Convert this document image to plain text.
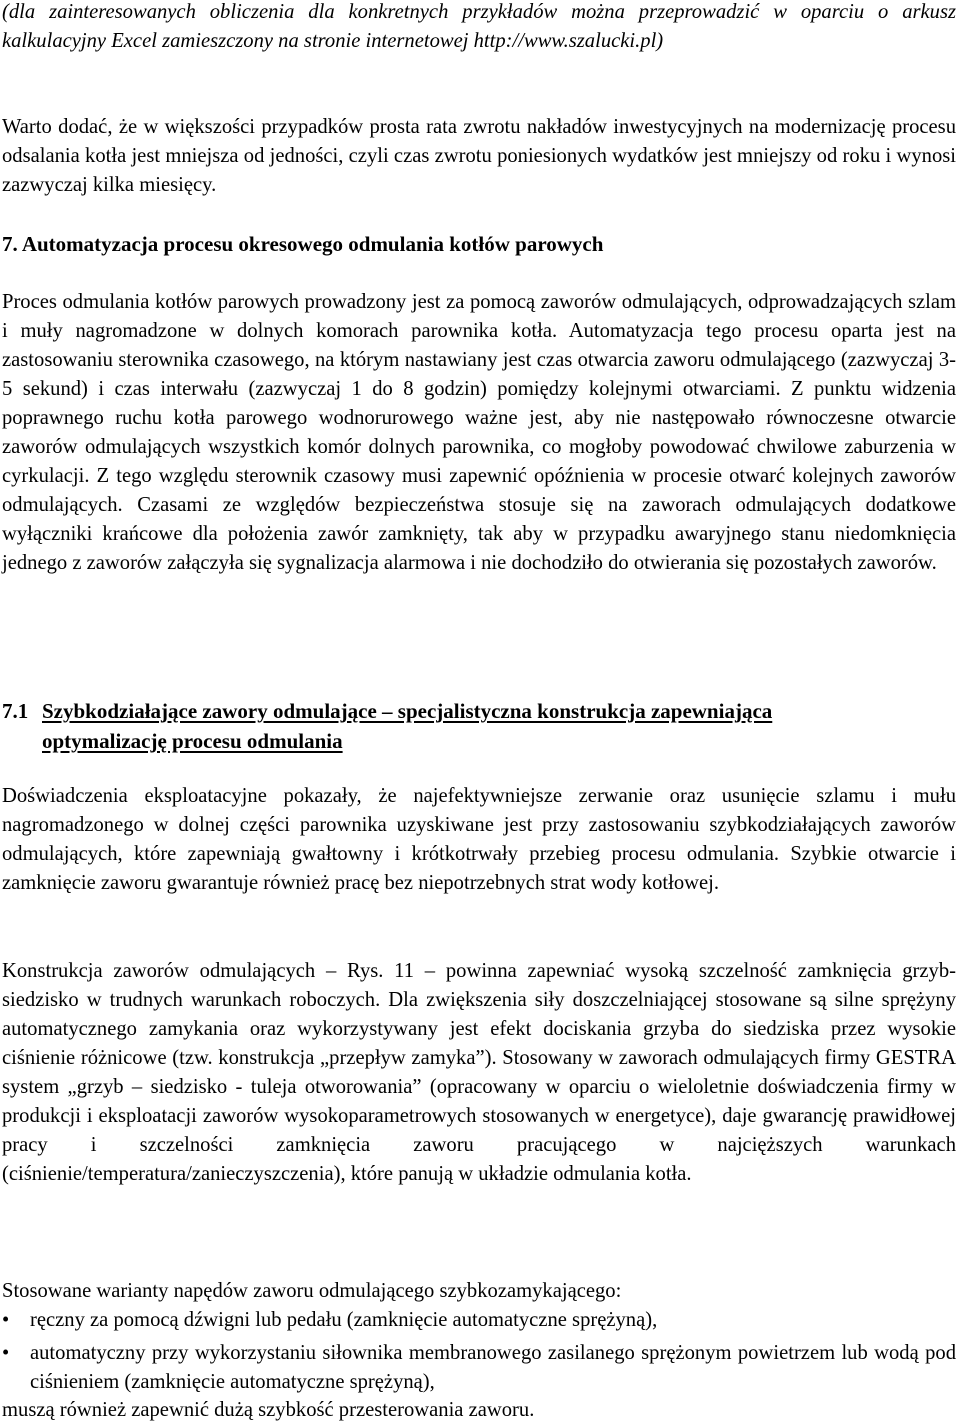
(dla zainteresowanych obliczenia dla konkretnych przykładów można przeprowadzić w oparciu o arkusz kalkulacyjny Excel zamieszczony na stronie internetowej http://www.szalucki.pl)

Warto dodać, że w większości przypadków prosta rata zwrotu nakładów inwestycyjnych na modernizację procesu odsalania kotła jest mniejsza od jedności, czyli czas zwrotu poniesionych wydatków jest mniejszy od roku i wynosi zazwyczaj kilka miesięcy.

7. Automatyzacja procesu okresowego odmulania kotłów parowych

Proces odmulania kotłów parowych prowadzony jest za pomocą zaworów odmulających, odprowadzających szlam i muły nagromadzone w dolnych komorach parownika kotła. Automatyzacja tego procesu oparta jest na zastosowaniu sterownika czasowego, na którym nastawiany jest czas otwarcia zaworu odmulającego (zazwyczaj 3-5 sekund) i czas interwału (zazwyczaj 1 do 8 godzin) pomiędzy kolejnymi otwarciami. Z punktu widzenia poprawnego ruchu kotła parowego wodnorurowego ważne jest, aby nie następowało równoczesne otwarcie zaworów odmulających wszystkich komór dolnych parownika, co mogłoby powodować chwilowe zaburzenia w cyrkulacji. Z tego względu sterownik czasowy musi zapewnić opóźnienia w procesie otwarć kolejnych zaworów odmulających. Czasami ze względów bezpieczeństwa stosuje się na zaworach odmulających dodatkowe wyłączniki krańcowe dla położenia zawór zamknięty, tak aby w przypadku awaryjnego stanu niedomknięcia jednego z zaworów załączyła się sygnalizacja alarmowa i nie dochodziło do otwierania się pozostałych zaworów.

7.1 Szybkodziałające zawory odmulające – specjalistyczna konstrukcja zapewniająca
optymalizację procesu odmulania

Doświadczenia eksploatacyjne pokazały, że najefektywniejsze zerwanie oraz usunięcie szlamu i mułu nagromadzonego w dolnej części parownika uzyskiwane jest przy zastosowaniu szybkodziałających zaworów odmulających, które zapewniają gwałtowny i krótkotrwały przebieg procesu odmulania. Szybkie otwarcie i zamknięcie zaworu gwarantuje również pracę bez niepotrzebnych strat wody kotłowej.

Konstrukcja zaworów odmulających – Rys. 11 – powinna zapewniać wysoką szczelność zamknięcia grzyb-siedzisko w trudnych warunkach roboczych. Dla zwiększenia siły doszczelniającej stosowane są silne sprężyny automatycznego zamykania oraz wykorzystywany jest efekt dociskania grzyba do siedziska przez wysokie ciśnienie różnicowe (tzw. konstrukcja „przepływ zamyka”). Stosowany w zaworach odmulających firmy GESTRA system „grzyb – siedzisko - tuleja otworowania” (opracowany w oparciu o wieloletnie doświadczenia firmy w produkcji i eksploatacji zaworów wysokoparametrowych stosowanych w energetyce), daje gwarancję prawidłowej pracy i szczelności zamknięcia zaworu pracującego w najcięższych warunkach (ciśnienie/temperatura/zanieczyszczenia), które panują w układzie odmulania kotła.

Stosowane warianty napędów zaworu odmulającego szybkozamykającego:

•	ręczny za pomocą dźwigni lub pedału (zamknięcie automatyczne sprężyną),
•	automatyczny przy wykorzystaniu siłownika membranowego zasilanego sprężonym powietrzem lub wodą pod ciśnieniem (zamknięcie automatyczne sprężyną),

muszą również zapewnić dużą szybkość przesterowania zaworu.
